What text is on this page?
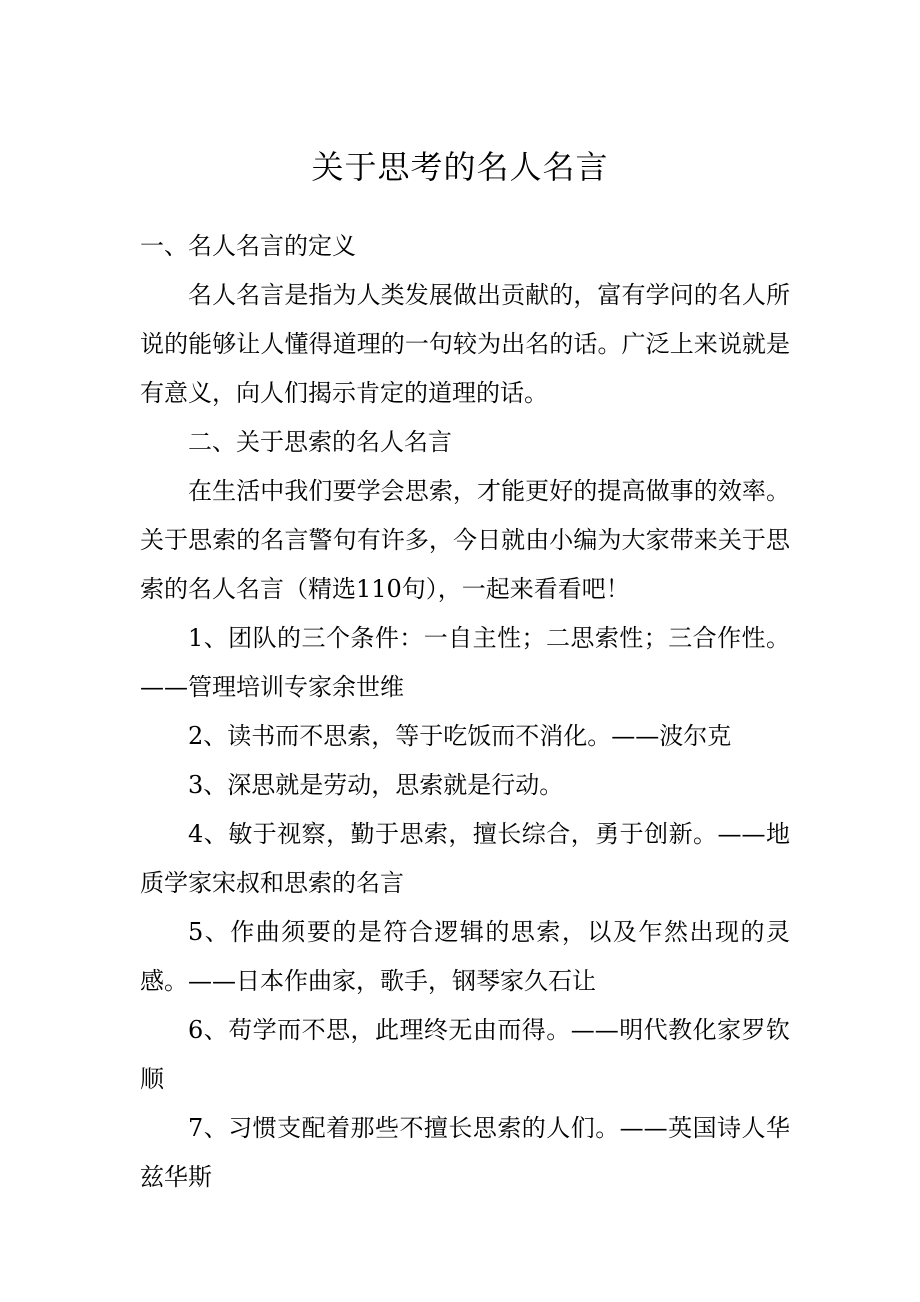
关于思考的名人名言

一、名人名言的定义

名人名言是指为人类发展做出贡献的，富有学问的名人所说的能够让人懂得道理的一句较为出名的话。广泛上来说就是有意义，向人们揭示肯定的道理的话。

二、关于思索的名人名言

在生活中我们要学会思索，才能更好的提高做事的效率。关于思索的名言警句有许多，今日就由小编为大家带来关于思索的名人名言（精选110句），一起来看看吧！

1、团队的三个条件：一自主性；二思索性；三合作性。——管理培训专家余世维

2、读书而不思索，等于吃饭而不消化。——波尔克

3、深思就是劳动，思索就是行动。

4、敏于视察，勤于思索，擅长综合，勇于创新。——地质学家宋叔和思索的名言

5、作曲须要的是符合逻辑的思索，以及乍然出现的灵感。——日本作曲家，歌手，钢琴家久石让

6、苟学而不思，此理终无由而得。——明代教化家罗钦顺

7、习惯支配着那些不擅长思索的人们。——英国诗人华兹华斯
